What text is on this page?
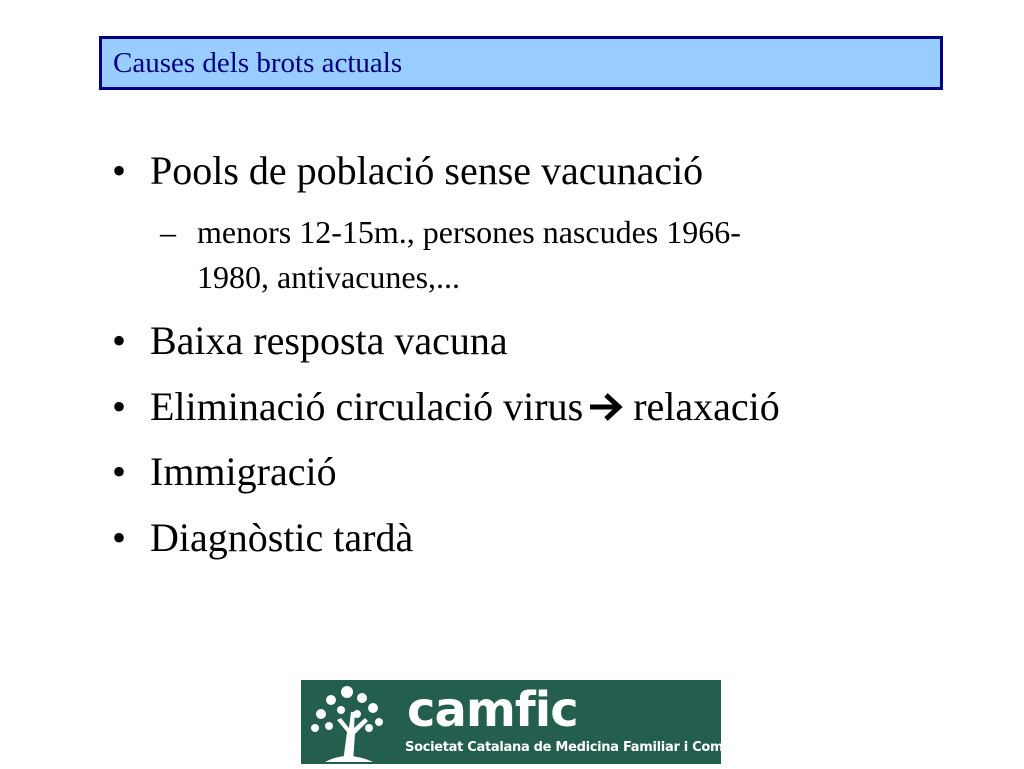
Causes dels brots actuals
• Pools de població sense vacunació
– menors 12-15m., persones nascudes 1966-
1980, antivacunes,...
• Baixa resposta vacuna
• Eliminació circulació virus relaxació
• Immigració
• Diagnòstic tardà
camfic
Societat Catalana de Medicina Familiar i Comunitària
